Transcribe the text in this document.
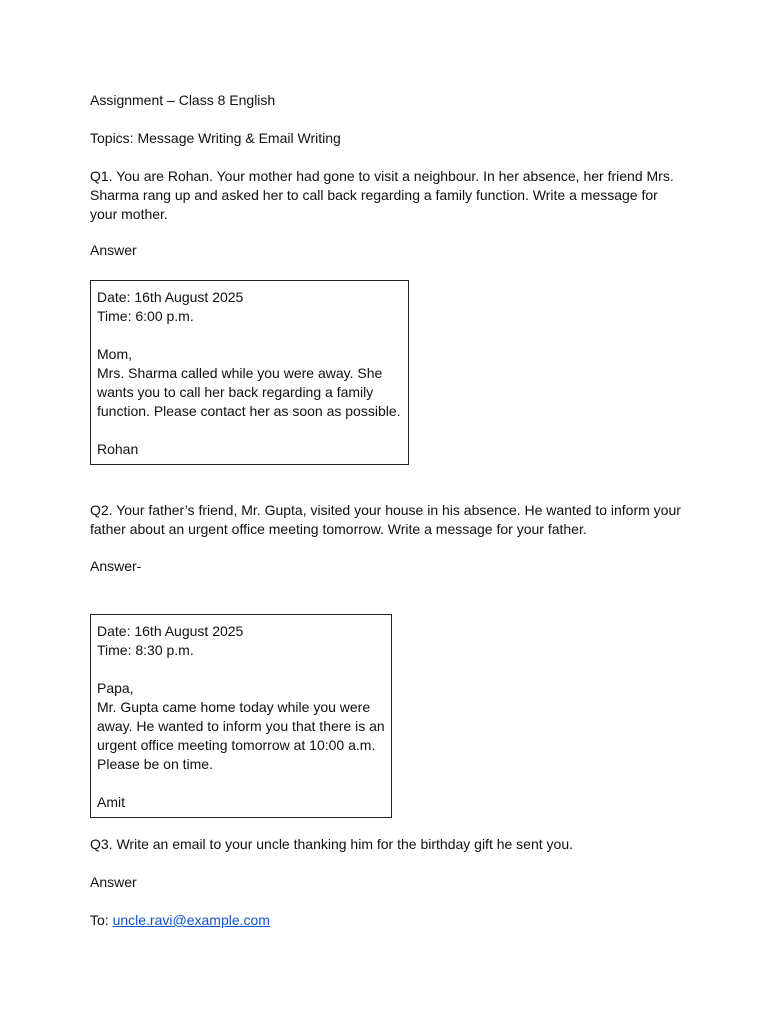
Assignment – Class 8 English

Topics: Message Writing & Email Writing

Q1. You are Rohan. Your mother had gone to visit a neighbour. In her absence, her friend Mrs. Sharma rang up and asked her to call back regarding a family function. Write a message for your mother.

Answer

Date: 16th August 2025

Time: 6:00 p.m.

Mom,

Mrs. Sharma called while you were away. She wants you to call her back regarding a family function. Please contact her as soon as possible.

Rohan

Q2. Your father’s friend, Mr. Gupta, visited your house in his absence. He wanted to inform your father about an urgent office meeting tomorrow. Write a message for your father.

Answer-

Date: 16th August 2025

Time: 8:30 p.m.

Papa,

Mr. Gupta came home today while you were away. He wanted to inform you that there is an urgent office meeting tomorrow at 10:00 a.m. Please be on time.

Amit

Q3. Write an email to your uncle thanking him for the birthday gift he sent you.

Answer

To: uncle.ravi@example.com
